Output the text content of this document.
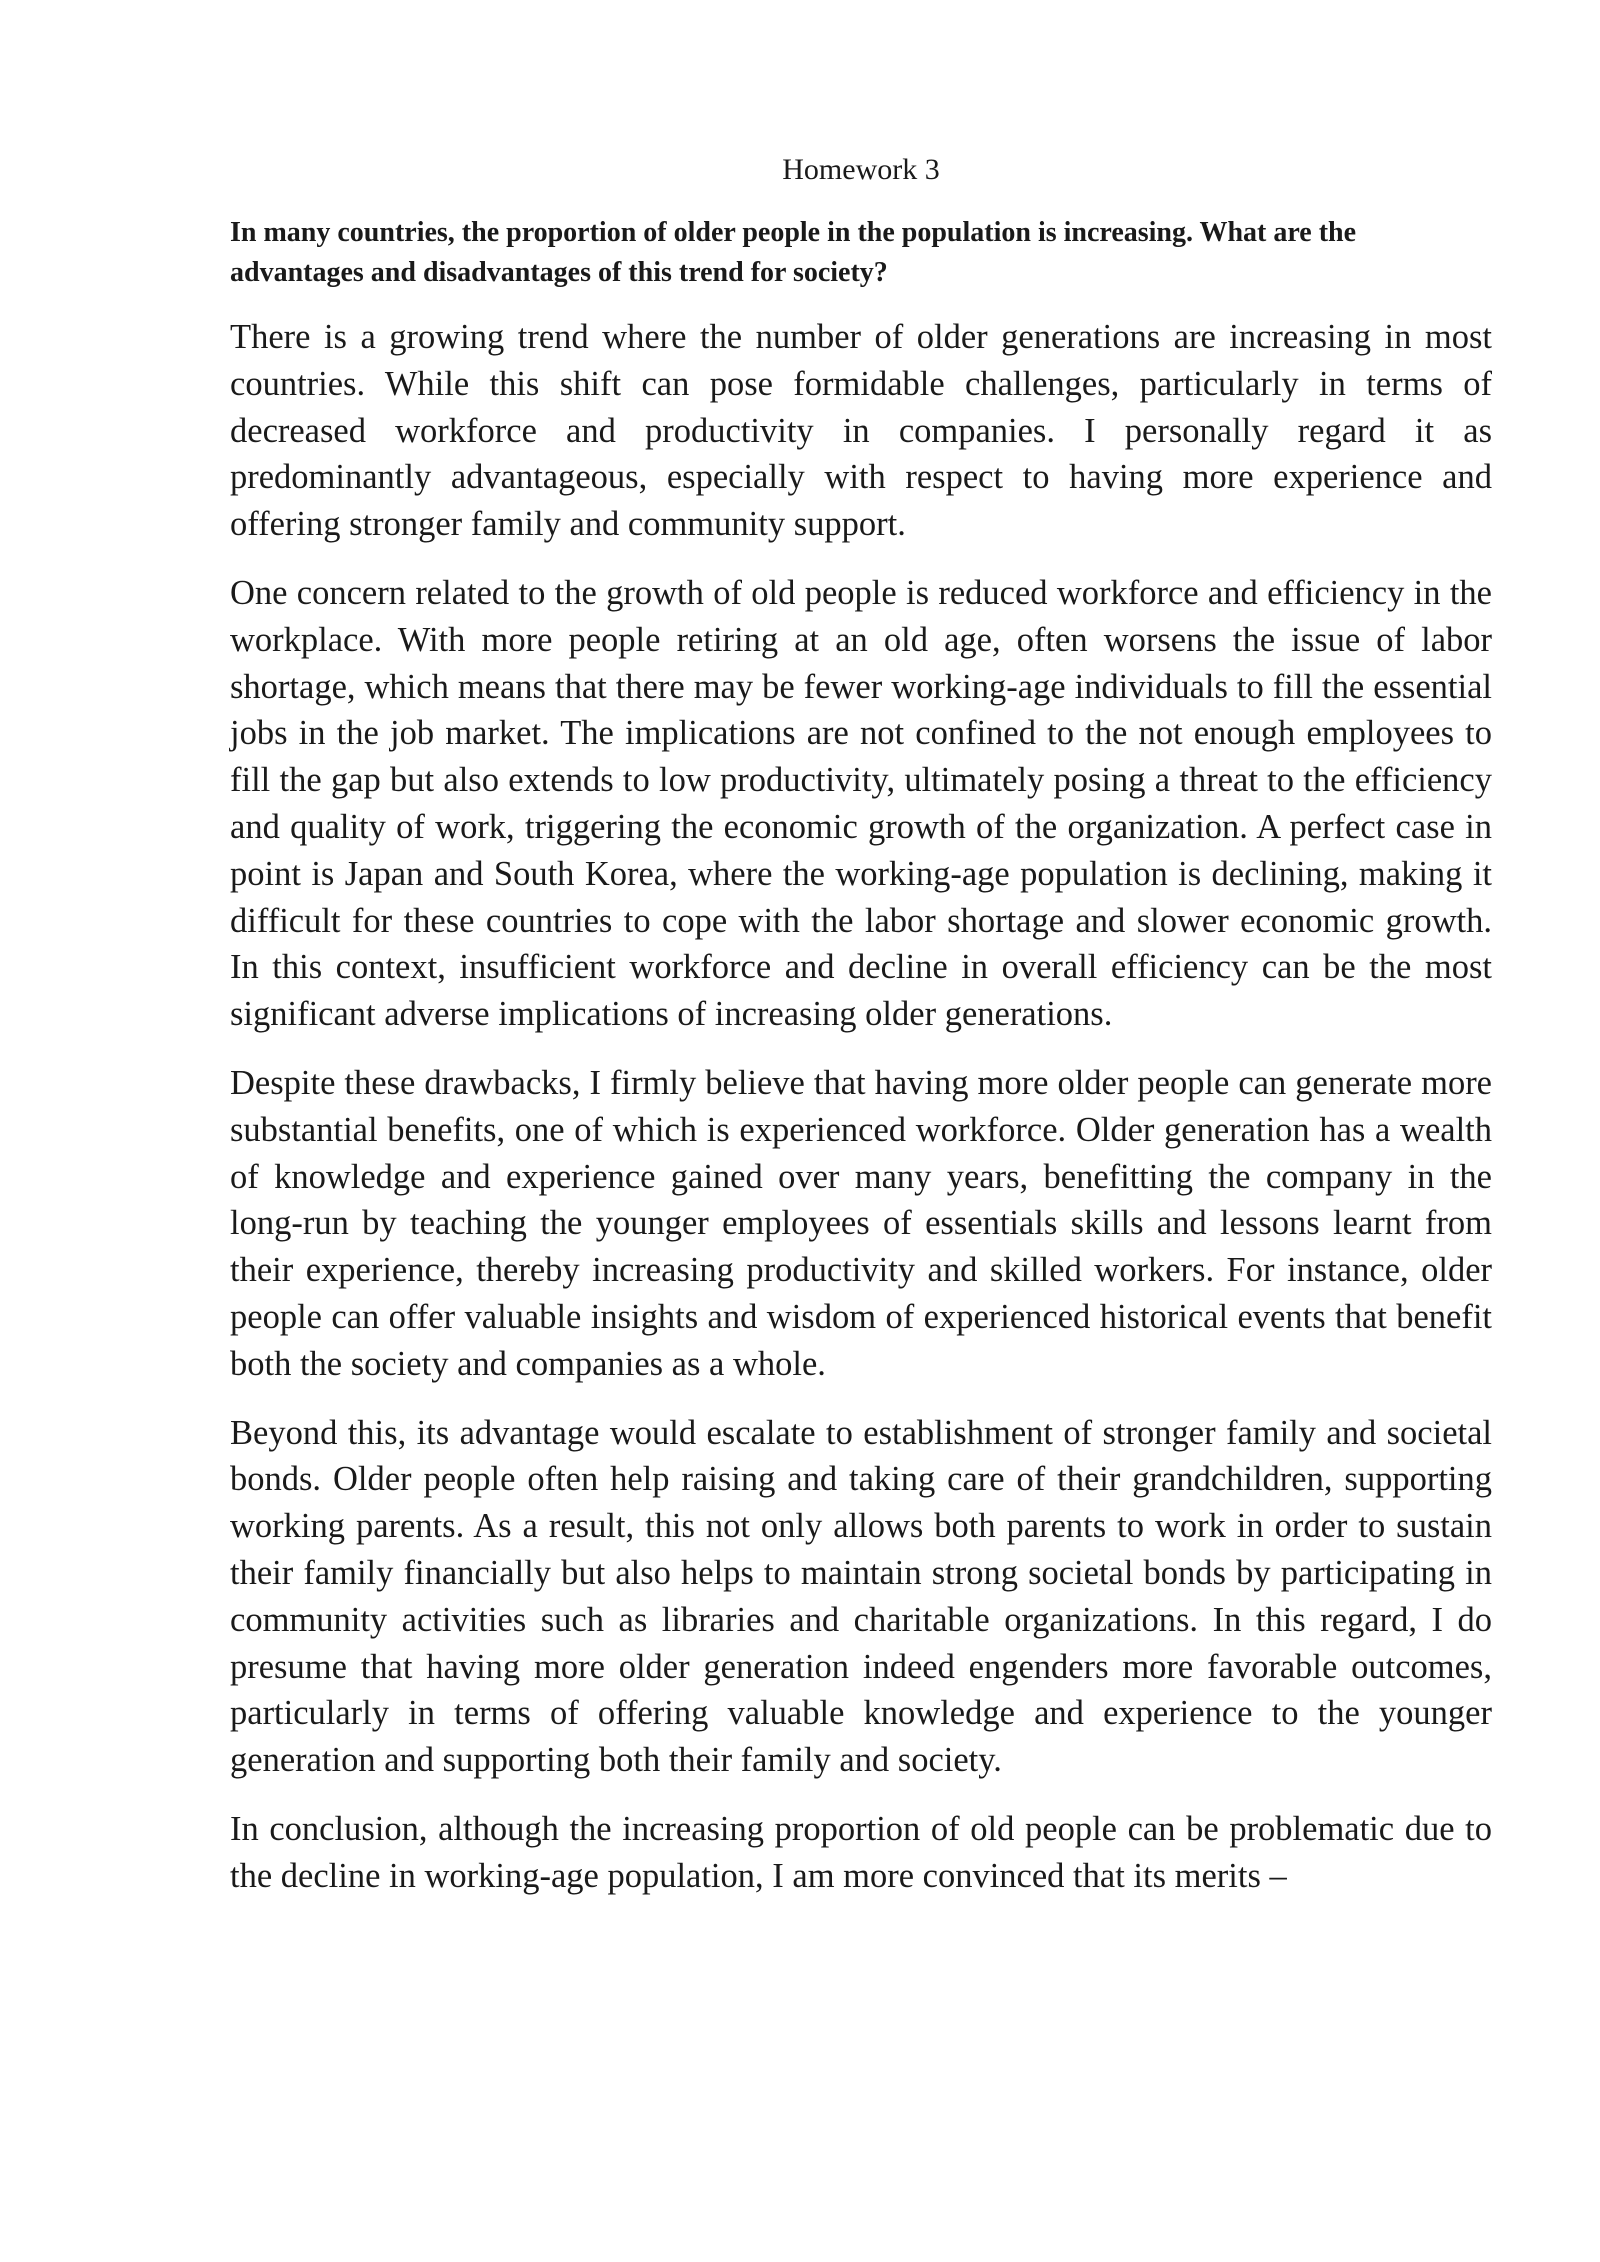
Homework 3

In many countries, the proportion of older people in the population is increasing. What are the advantages and disadvantages of this trend for society?

There is a growing trend where the number of older generations are increasing in most countries. While this shift can pose formidable challenges, particularly in terms of decreased workforce and productivity in companies. I personally regard it as predominantly advantageous, especially with respect to having more experience and offering stronger family and community support.

One concern related to the growth of old people is reduced workforce and efficiency in the workplace. With more people retiring at an old age, often worsens the issue of labor shortage, which means that there may be fewer working-age individuals to fill the essential jobs in the job market. The implications are not confined to the not enough employees to fill the gap but also extends to low productivity, ultimately posing a threat to the efficiency and quality of work, triggering the economic growth of the organization. A perfect case in point is Japan and South Korea, where the working-age population is declining, making it difficult for these countries to cope with the labor shortage and slower economic growth. In this context, insufficient workforce and decline in overall efficiency can be the most significant adverse implications of increasing older generations.

Despite these drawbacks, I firmly believe that having more older people can generate more substantial benefits, one of which is experienced workforce. Older generation has a wealth of knowledge and experience gained over many years, benefitting the company in the long-run by teaching the younger employees of essentials skills and lessons learnt from their experience, thereby increasing productivity and skilled workers. For instance, older people can offer valuable insights and wisdom of experienced historical events that benefit both the society and companies as a whole.

Beyond this, its advantage would escalate to establishment of stronger family and societal bonds. Older people often help raising and taking care of their grandchildren, supporting working parents. As a result, this not only allows both parents to work in order to sustain their family financially but also helps to maintain strong societal bonds by participating in community activities such as libraries and charitable organizations. In this regard, I do presume that having more older generation indeed engenders more favorable outcomes, particularly in terms of offering valuable knowledge and experience to the younger generation and supporting both their family and society.

In conclusion, although the increasing proportion of old people can be problematic due to the decline in working-age population, I am more convinced that its merits –
